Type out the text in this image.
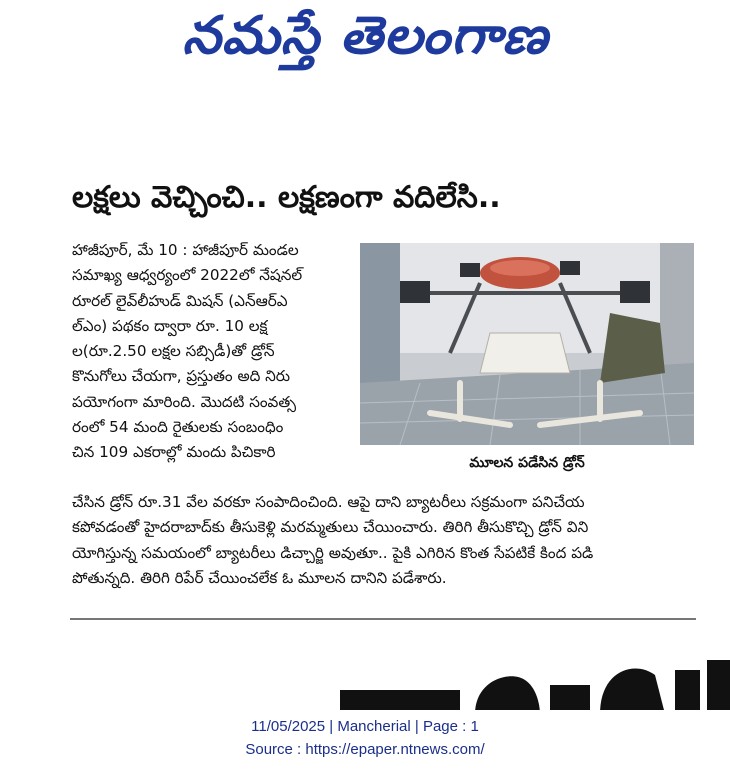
నమస్తే తెలంగాణ
లక్షలు వెచ్చించి.. లక్షణంగా వదిలేసి..
హాజీపూర్, మే 10 : హాజీపూర్ మండల
సమాఖ్య ఆధ్వర్యంలో 2022లో నేషనల్
రూరల్ లైవ్‌లీహుడ్ మిషన్ (ఎన్‌ఆర్‌ఎ
ల్‌ఎం) పథకం ద్వారా రూ. 10 లక్ష
ల(రూ.2.50 లక్షల సబ్సిడీ)తో డ్రోన్
కొనుగోలు చేయగా, ప్రస్తుతం అది నిరు
పయోగంగా మారింది. మొదటి సంవత్స
రంలో 54 మంది రైతులకు సంబంధిం
చిన 109 ఎకరాల్లో మందు పిచికారి
మూలన పడేసిన డ్రోన్
చేసిన డ్రోన్ రూ.31 వేల వరకూ సంపాదించింది. ఆపై దాని బ్యాటరీలు సక్రమంగా పనిచేయ
కపోవడంతో హైదరాబాద్‌కు తీసుకెళ్లి మరమ్మతులు చేయించారు. తిరిగి తీసుకొచ్చి డ్రోన్ విని
యోగిస్తున్న సమయంలో బ్యాటరీలు డిచ్చార్జి అవుతూ.. పైకి ఎగిరిన కొంత సేపటికే కింద పడి
పోతున్నది. తిరిగి రిపేర్ చేయించలేక ఓ మూలన దానిని పడేశారు.
11/05/2025 | Mancherial | Page : 1
Source : https://epaper.ntnews.com/
